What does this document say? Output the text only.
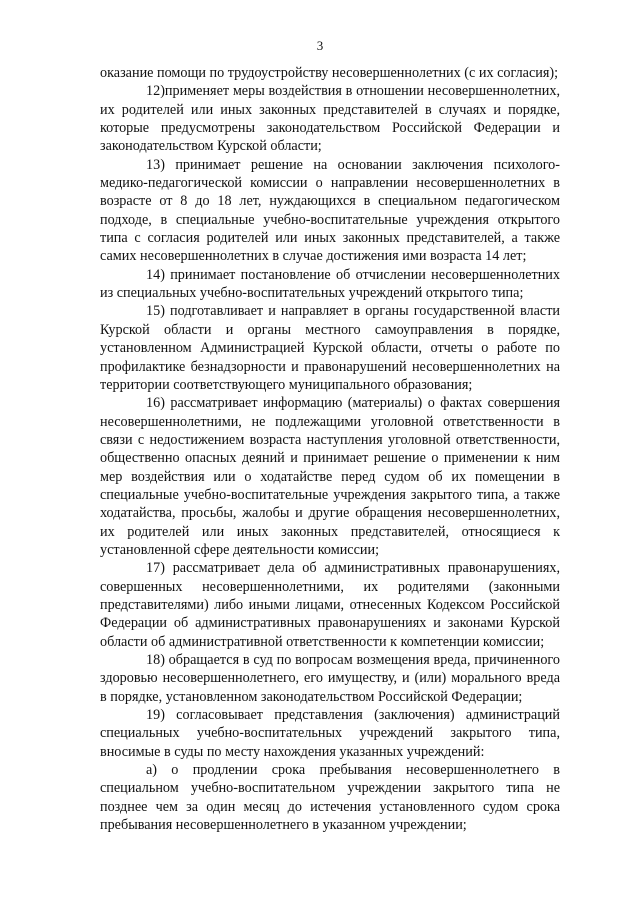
3

оказание помощи по трудоустройству несовершеннолетних (с их согласия);

12)применяет меры воздействия в отношении несовершеннолетних, их родителей или иных законных представителей в случаях и порядке, которые предусмотрены законодательством Российской Федерации и законодательством Курской области;

13) принимает решение на основании заключения психолого-медико-педагогической комиссии о направлении несовершеннолетних в возрасте от 8 до 18 лет, нуждающихся в специальном педагогическом подходе, в специальные учебно-воспитательные учреждения открытого типа с согласия родителей или иных законных представителей, а также самих несовершеннолетних в случае достижения ими возраста 14 лет;

14) принимает постановление об отчислении несовершеннолетних из специальных учебно-воспитательных учреждений открытого типа;

15) подготавливает и направляет в органы государственной власти Курской области и органы местного самоуправления в порядке, установленном Администрацией Курской области, отчеты о работе по профилактике безнадзорности и правонарушений несовершеннолетних на территории соответствующего муниципального образования;

16) рассматривает информацию (материалы) о фактах совершения несовершеннолетними, не подлежащими уголовной ответственности в связи с недостижением возраста наступления уголовной ответственности, общественно опасных деяний и принимает решение о применении к ним мер воздействия или о ходатайстве перед судом об их помещении в специальные учебно-воспитательные учреждения закрытого типа, а также ходатайства, просьбы, жалобы и другие обращения несовершеннолетних, их родителей или иных законных представителей, относящиеся к установленной сфере деятельности комиссии;

17) рассматривает дела об административных правонарушениях, совершенных несовершеннолетними, их родителями (законными представителями) либо иными лицами, отнесенных Кодексом Российской Федерации об административных правонарушениях и законами Курской области об административной ответственности к компетенции комиссии;

18) обращается в суд по вопросам возмещения вреда, причиненного здоровью несовершеннолетнего, его имуществу, и (или) морального вреда в порядке, установленном законодательством Российской Федерации;

19) согласовывает представления (заключения) администраций специальных учебно-воспитательных учреждений закрытого типа, вносимые в суды по месту нахождения указанных учреждений:

а) о продлении срока пребывания несовершеннолетнего в специальном учебно-воспитательном учреждении закрытого типа не позднее чем за один месяц до истечения установленного судом срока пребывания несовершеннолетнего в указанном учреждении;
